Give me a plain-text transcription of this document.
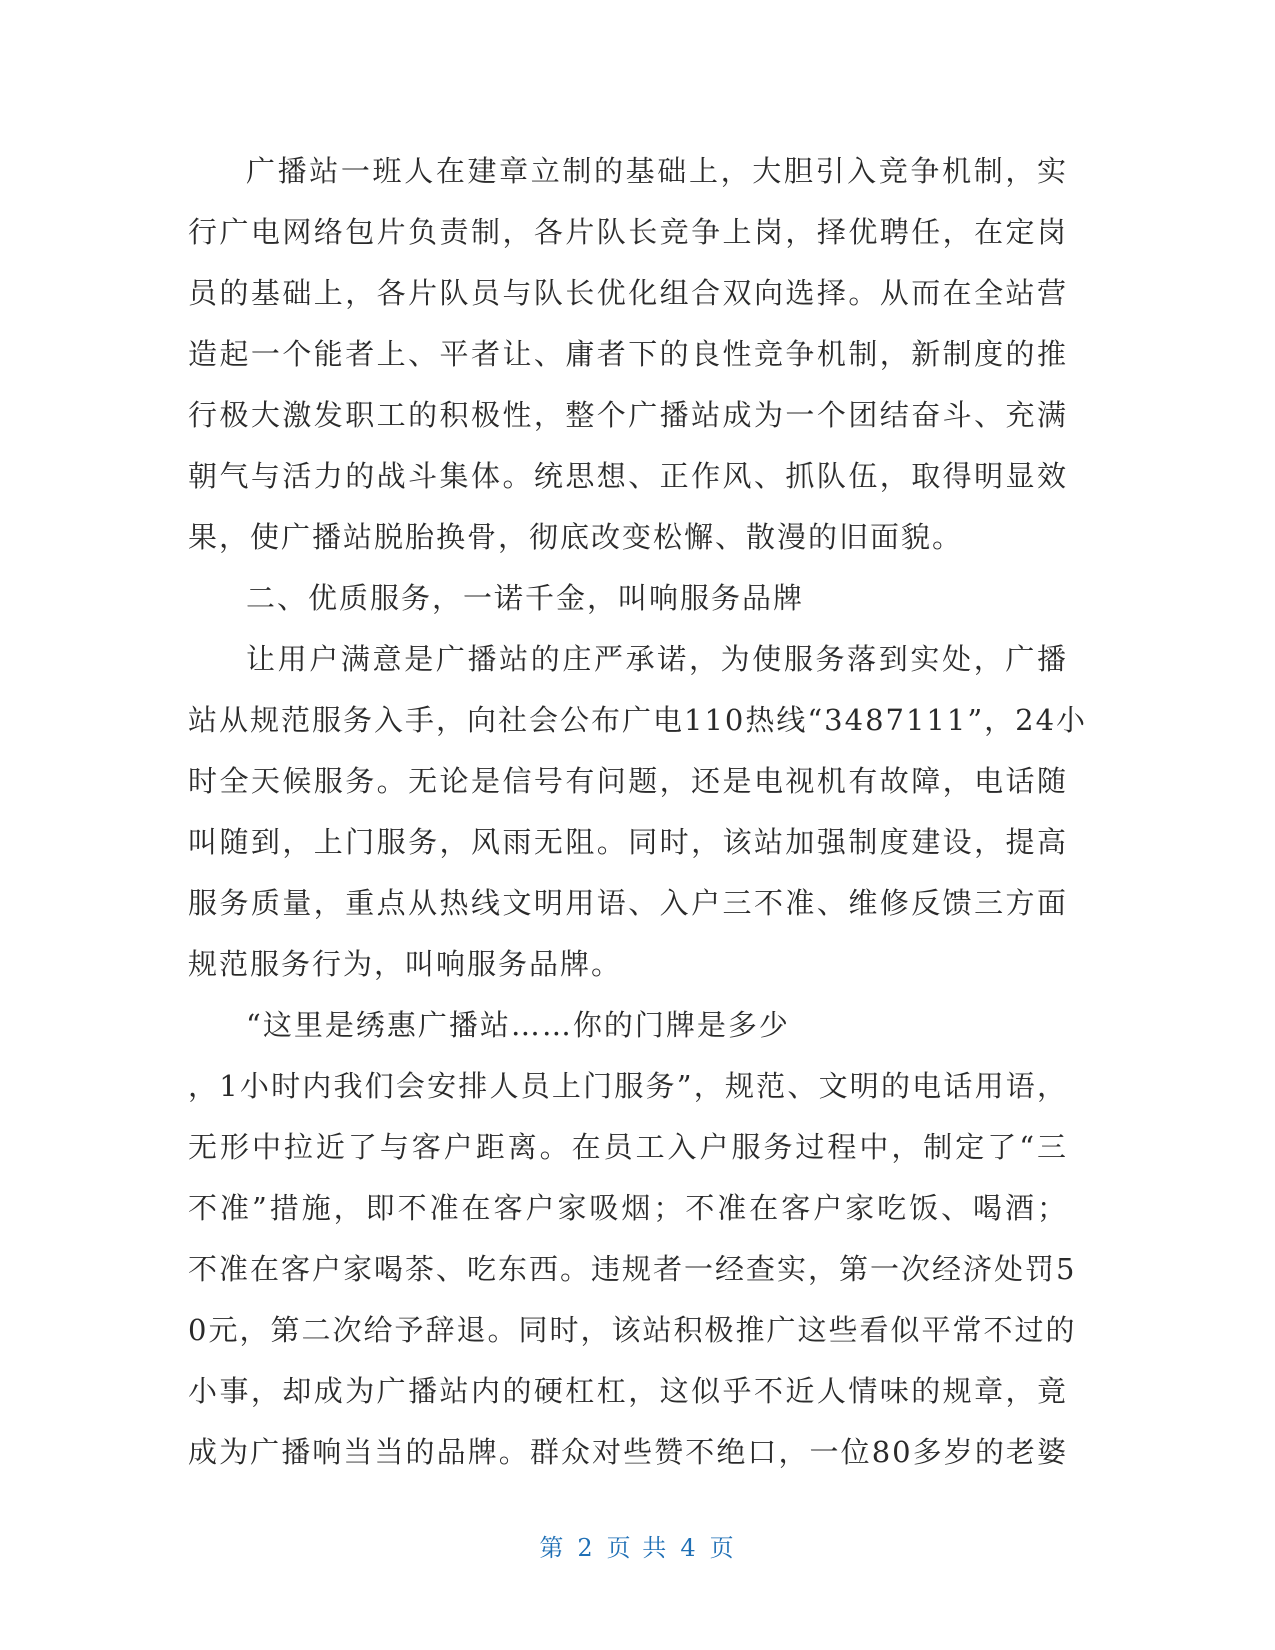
广播站一班人在建章立制的基础上，大胆引入竞争机制，实
行广电网络包片负责制，各片队长竞争上岗，择优聘任，在定岗
员的基础上，各片队员与队长优化组合双向选择。从而在全站营
造起一个能者上、平者让、庸者下的良性竞争机制，新制度的推
行极大激发职工的积极性，整个广播站成为一个团结奋斗、充满
朝气与活力的战斗集体。统思想、正作风、抓队伍，取得明显效
果，使广播站脱胎换骨，彻底改变松懈、散漫的旧面貌。

二、优质服务，一诺千金，叫响服务品牌

让用户满意是广播站的庄严承诺，为使服务落到实处，广播
站从规范服务入手，向社会公布广电110热线“3487111”，24小
时全天候服务。无论是信号有问题，还是电视机有故障，电话随
叫随到，上门服务，风雨无阻。同时，该站加强制度建设，提高
服务质量，重点从热线文明用语、入户三不准、维修反馈三方面
规范服务行为，叫响服务品牌。

“这里是绣惠广播站……你的门牌是多少

，1小时内我们会安排人员上门服务”，规范、文明的电话用语，
无形中拉近了与客户距离。在员工入户服务过程中，制定了“三
不准”措施，即不准在客户家吸烟；不准在客户家吃饭、喝酒；
不准在客户家喝茶、吃东西。违规者一经查实，第一次经济处罚5
0元，第二次给予辞退。同时，该站积极推广这些看似平常不过的
小事，却成为广播站内的硬杠杠，这似乎不近人情味的规章，竟
成为广播响当当的品牌。群众对些赞不绝口，一位80多岁的老婆

第 2 页 共 4 页
